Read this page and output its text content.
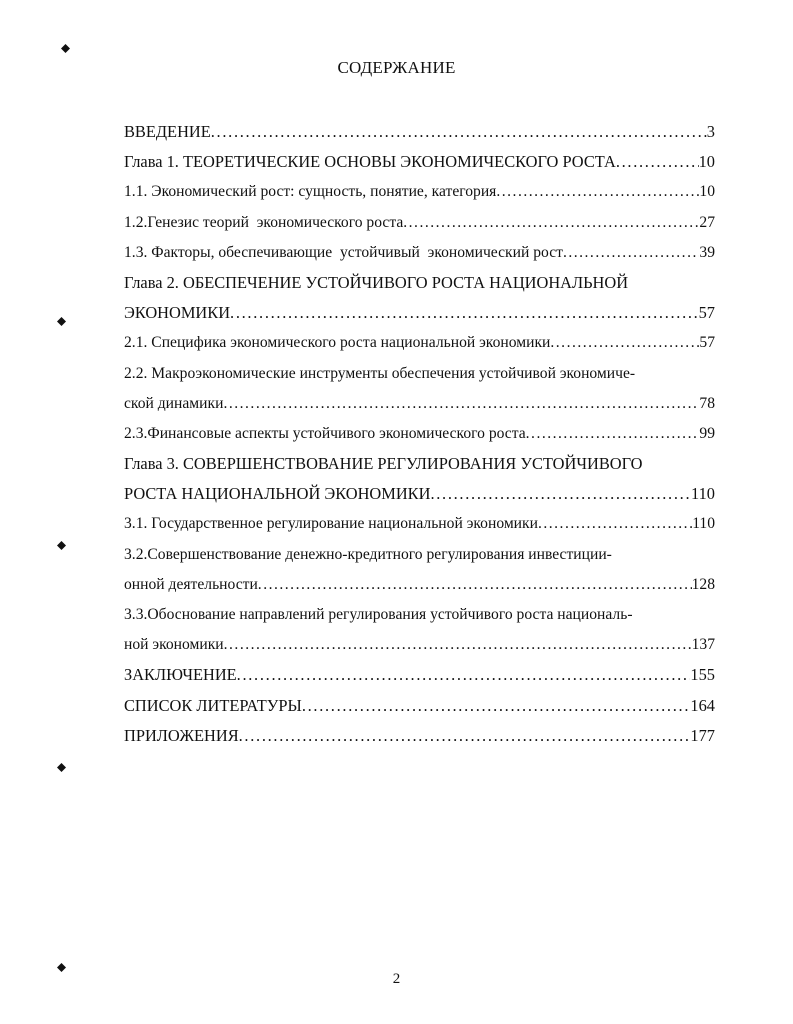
СОДЕРЖАНИЕ
ВВЕДЕНИЕ . . .	3
Глава 1. ТЕОРЕТИЧЕСКИЕ ОСНОВЫ ЭКОНОМИЧЕСКОГО РОСТА . . .	10
1.1. Экономический рост: сущность, понятие, категория . . .	10
1.2.Генезис теорий  экономического роста . . .	27
1.3. Факторы, обеспечивающие  устойчивый  экономический рост . . .	39
Глава 2. ОБЕСПЕЧЕНИЕ УСТОЙЧИВОГО РОСТА НАЦИОНАЛЬНОЙ
ЭКОНОМИКИ . . .	57
2.1. Специфика экономического роста национальной экономики . . .	57
2.2. Макроэкономические инструменты обеспечения устойчивой экономиче-
ской динамики . . .	78
2.3.Финансовые аспекты устойчивого экономического роста . . .	99
Глава 3. СОВЕРШЕНСТВОВАНИЕ РЕГУЛИРОВАНИЯ УСТОЙЧИВОГО
РОСТА НАЦИОНАЛЬНОЙ ЭКОНОМИКИ . . .	110
3.1. Государственное регулирование национальной экономики . . .	110
3.2.Совершенствование денежно-кредитного регулирования инвестиции-
онной деятельности . . .	128
3.3.Обоснование направлений регулирования устойчивого роста националь-
ной экономики . . .	137
ЗАКЛЮЧЕНИЕ . . .	155
СПИСОК ЛИТЕРАТУРЫ . . .	164
ПРИЛОЖЕНИЯ . . .	177
2
